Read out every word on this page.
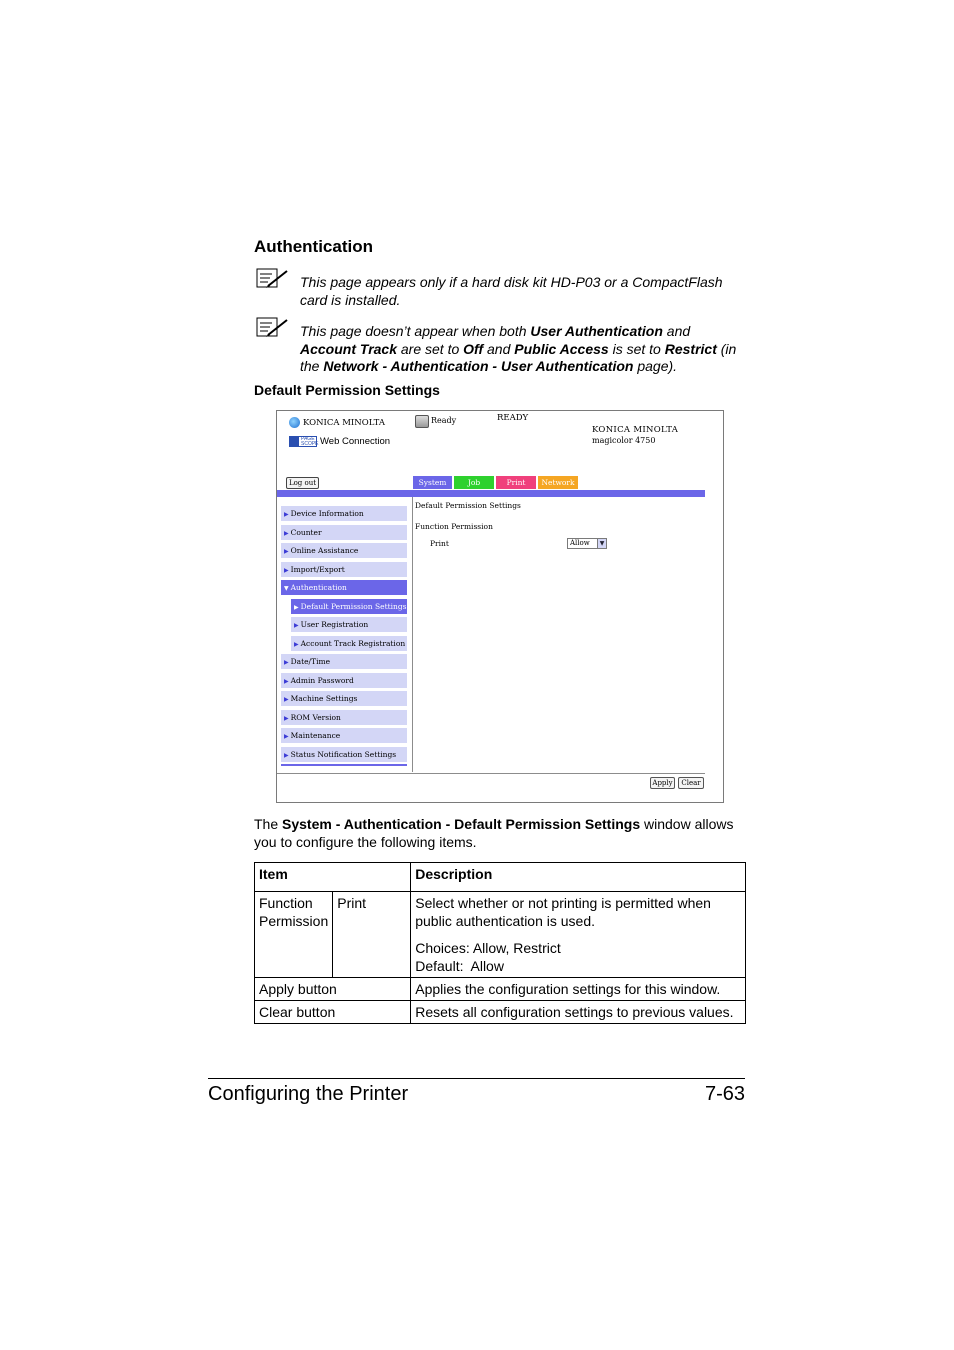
Authentication
This page appears only if a hard disk kit HD-P03 or a CompactFlash card is installed.
This page doesn’t appear when both User Authentication and Account Track are set to Off and Public Access is set to Restrict (in the Network - Authentication - User Authentication page).
Default Permission Settings
KONICA MINOLTA
PAGE SCOPE Web Connection
Ready	READY
KONICA MINOLTA
magicolor 4750
Log out	System	Job	Print	Network
▶ Device Information
▶ Counter
▶ Online Assistance
▶ Import/Export
▼ Authentication
▶ Default Permission Settings
▶ User Registration
▶ Account Track Registration
▶ Date/Time
▶ Admin Password
▶ Machine Settings
▶ ROM Version
▶ Maintenance
▶ Status Notification Settings
Default Permission Settings
Function Permission
Print	Allow	▼
Apply	Clear
The System - Authentication - Default Permission Settings window allows you to configure the following items.
Item		Description
Function Permission	Print	Select whether or not printing is permitted when public authentication is used.
Choices: Allow, Restrict
Default:  Allow

Apply button		Applies the configuration settings for this window.
Clear button		Resets all configuration settings to previous values.
Configuring the Printer	7-63
